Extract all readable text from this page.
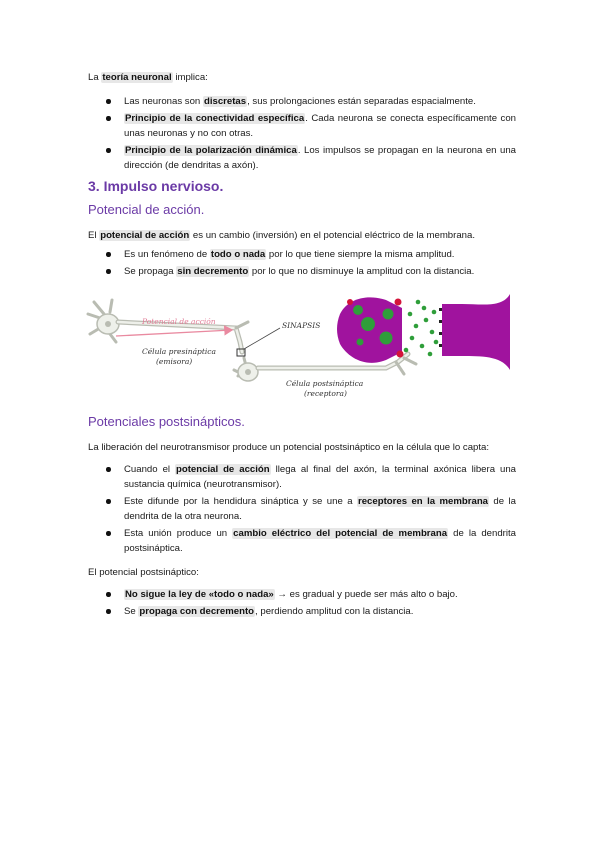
La teoría neuronal implica:

Las neuronas son discretas, sus prolongaciones están separadas espacialmente.
Principio de la conectividad específica. Cada neurona se conecta específicamente con unas neuronas y no con otras.
Principio de la polarización dinámica. Los impulsos se propagan en la neurona en una dirección (de dendritas a axón).
3. Impulso nervioso.
Potencial de acción.

El potencial de acción es un cambio (inversión) en el potencial eléctrico de la membrana.

Es un fenómeno de todo o nada por lo que tiene siempre la misma amplitud.
Se propaga sin decremento por lo que no disminuye la amplitud con la distancia.
Potencial de acción	SINAPSIS
Célula presináptica
(emisora)
Célula postsináptica
(receptora)
Potenciales postsinápticos.

La liberación del neurotransmisor produce un potencial postsináptico en la célula que lo capta:

Cuando el potencial de acción llega al final del axón, la terminal axónica libera una sustancia química (neurotransmisor).
Este difunde por la hendidura sináptica y se une a receptores en la membrana de la dendrita de la otra neurona.
Esta unión produce un cambio eléctrico del potencial de membrana de la dendrita postsináptica.

El potencial postsináptico:

No sigue la ley de «todo o nada» → es gradual y puede ser más alto o bajo.
Se propaga con decremento, perdiendo amplitud con la distancia.
